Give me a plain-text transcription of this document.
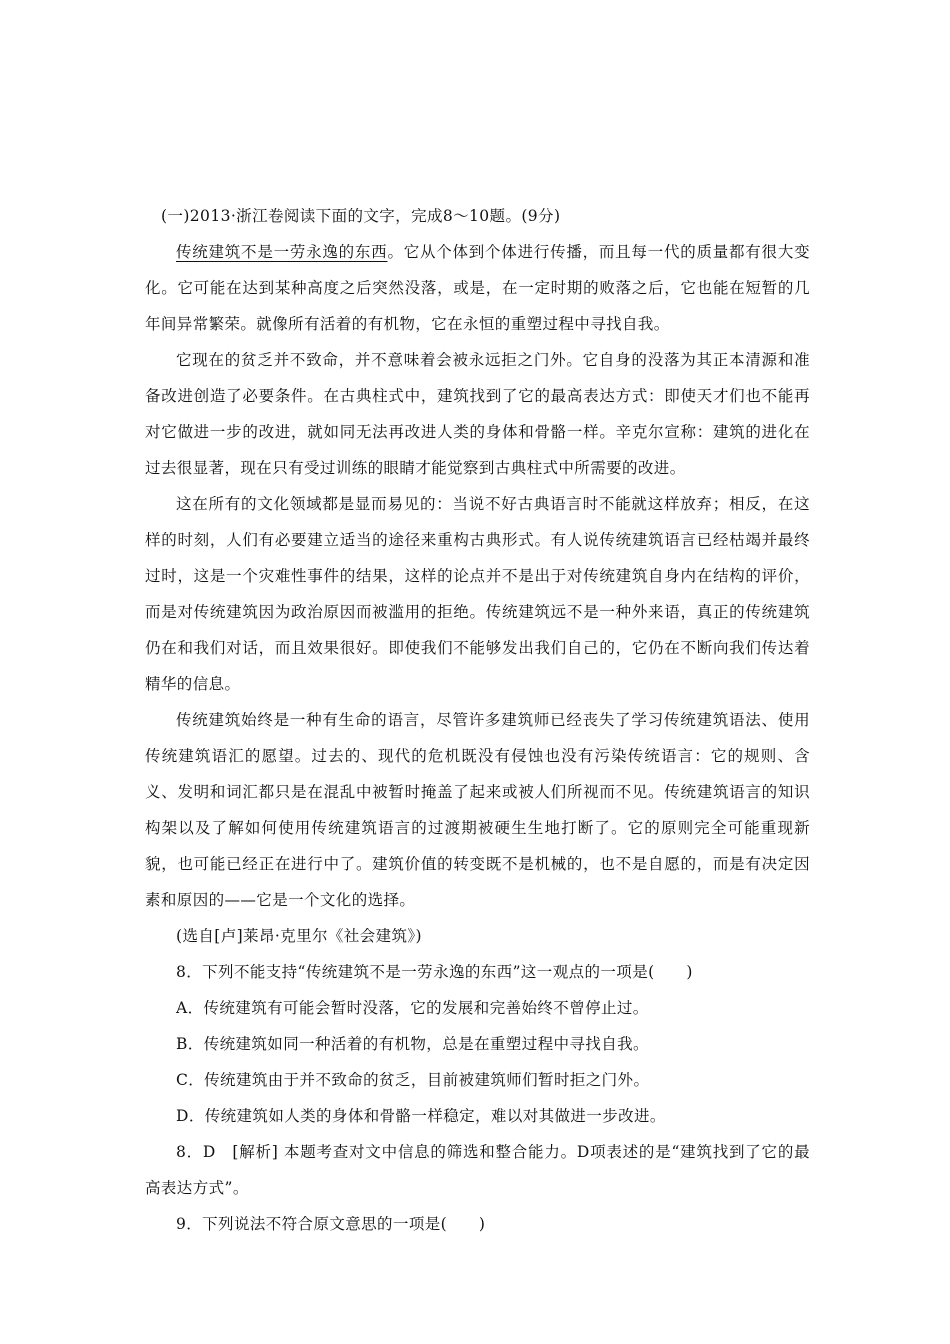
(一)2013·浙江卷阅读下面的文字，完成8～10题。(9分)

传统建筑不是一劳永逸的东西。它从个体到个体进行传播，而且每一代的质量都有很大变化。它可能在达到某种高度之后突然没落，或是，在一定时期的败落之后，它也能在短暂的几年间异常繁荣。就像所有活着的有机物，它在永恒的重塑过程中寻找自我。

它现在的贫乏并不致命，并不意味着会被永远拒之门外。它自身的没落为其正本清源和准备改进创造了必要条件。在古典柱式中，建筑找到了它的最高表达方式：即使天才们也不能再对它做进一步的改进，就如同无法再改进人类的身体和骨骼一样。辛克尔宣称：建筑的进化在过去很显著，现在只有受过训练的眼睛才能觉察到古典柱式中所需要的改进。

这在所有的文化领域都是显而易见的：当说不好古典语言时不能就这样放弃；相反，在这样的时刻，人们有必要建立适当的途径来重构古典形式。有人说传统建筑语言已经枯竭并最终过时，这是一个灾难性事件的结果，这样的论点并不是出于对传统建筑自身内在结构的评价，而是对传统建筑因为政治原因而被滥用的拒绝。传统建筑远不是一种外来语，真正的传统建筑仍在和我们对话，而且效果很好。即使我们不能够发出我们自己的，它仍在不断向我们传达着精华的信息。

传统建筑始终是一种有生命的语言，尽管许多建筑师已经丧失了学习传统建筑语法、使用传统建筑语汇的愿望。过去的、现代的危机既没有侵蚀也没有污染传统语言：它的规则、含义、发明和词汇都只是在混乱中被暂时掩盖了起来或被人们所视而不见。传统建筑语言的知识构架以及了解如何使用传统建筑语言的过渡期被硬生生地打断了。它的原则完全可能重现新貌，也可能已经正在进行中了。建筑价值的转变既不是机械的，也不是自愿的，而是有决定因素和原因的——它是一个文化的选择。

(选自[卢]莱昂·克里尔《社会建筑》)

8．下列不能支持“传统建筑不是一劳永逸的东西”这一观点的一项是(　　)

A．传统建筑有可能会暂时没落，它的发展和完善始终不曾停止过。

B．传统建筑如同一种活着的有机物，总是在重塑过程中寻找自我。

C．传统建筑由于并不致命的贫乏，目前被建筑师们暂时拒之门外。

D．传统建筑如人类的身体和骨骼一样稳定，难以对其做进一步改进。

8．D　[解析] 本题考查对文中信息的筛选和整合能力。D项表述的是“建筑找到了它的最高表达方式”。

9．下列说法不符合原文意思的一项是(　　)
